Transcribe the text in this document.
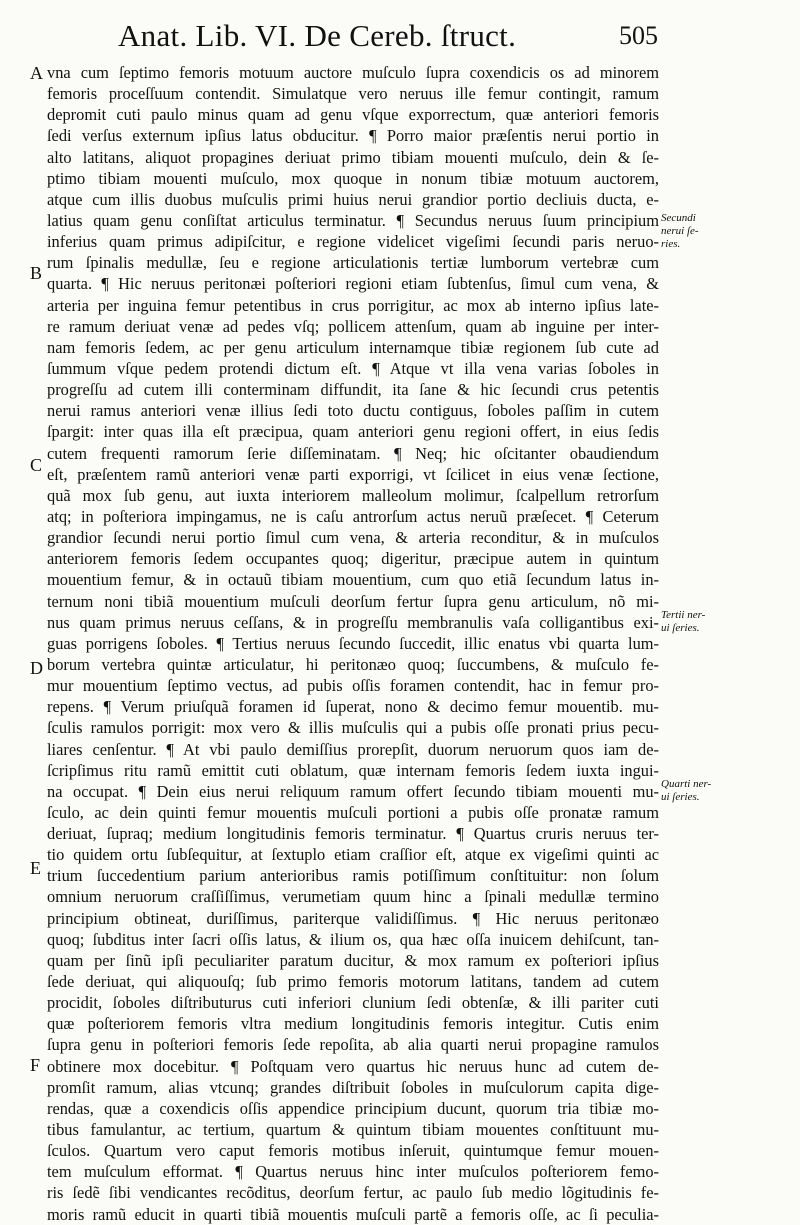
Anat. Lib. VI. De Cereb. ſtruct.	505
A
B
C
D
E
F
Secundi
nerui ſe-
ries.
Tertii ner-
ui ſeries.
Quarti ner-
ui ſeries.
vna cum ſeptimo femoris motuum auctore muſculo ſupra coxendicis os ad minorem
femoris proceſſuum contendit. Simulatque vero neruus ille femur contingit, ramum
depromit cuti paulo minus quam ad genu vſque exporrectum, quæ anteriori femoris
ſedi verſus externum ipſius latus obducitur. ¶ Porro maior præſentis nerui portio in
alto latitans, aliquot propagines deriuat primo tibiam mouenti muſculo, dein & ſe-
ptimo tibiam mouenti muſculo, mox quoque in nonum tibiæ motuum auctorem,
atque cum illis duobus muſculis primi huius nerui grandior portio decliuis ducta, e-
latius quam genu conſiſtat articulus terminatur. ¶ Secundus neruus ſuum principium
inferius quam primus adipiſcitur, e regione videlicet vigeſimi ſecundi paris neruo-
rum ſpinalis medullæ, ſeu e regione articulationis tertiæ lumborum vertebræ cum
quarta. ¶ Hic neruus peritonæi poſteriori regioni etiam ſubtenſus, ſimul cum vena, &
arteria per inguina femur petentibus in crus porrigitur, ac mox ab interno ipſius late-
re ramum deriuat venæ ad pedes vſq; pollicem attenſum, quam ab inguine per inter-
nam femoris ſedem, ac per genu articulum internamque tibiæ regionem ſub cute ad
ſummum vſque pedem protendi dictum eſt. ¶ Atque vt illa vena varias ſoboles in
progreſſu ad cutem illi conterminam diffundit, ita ſane & hic ſecundi crus petentis
nerui ramus anteriori venæ illius ſedi toto ductu contiguus, ſoboles paſſim in cutem
ſpargit: inter quas illa eſt præcipua, quam anteriori genu regioni offert, in eius ſedis
cutem frequenti ramorum ſerie diſſeminatam. ¶ Neq; hic oſcitanter obaudiendum
eſt, præſentem ramũ anteriori venæ parti exporrigi, vt ſcilicet in eius venæ ſectione,
quã mox ſub genu, aut iuxta interiorem malleolum molimur, ſcalpellum retrorſum
atq; in poſteriora impingamus, ne is caſu antrorſum actus neruũ præſecet. ¶ Ceterum
grandior ſecundi nerui portio ſimul cum vena, & arteria reconditur, & in muſculos
anteriorem femoris ſedem occupantes quoq; digeritur, præcipue autem in quintum
mouentium femur, & in octauũ tibiam mouentium, cum quo etiã ſecundum latus in-
ternum noni tibiã mouentium muſculi deorſum fertur ſupra genu articulum, nõ mi-
nus quam primus neruus ceſſans, & in progreſſu membranulis vaſa colligantibus exi-
guas porrigens ſoboles. ¶ Tertius neruus ſecundo ſuccedit, illic enatus vbi quarta lum-
borum vertebra quintæ articulatur, hi peritonæo quoq; ſuccumbens, & muſculo fe-
mur mouentium ſeptimo vectus, ad pubis oſſis foramen contendit, hac in femur pro-
repens. ¶ Verum priuſquã foramen id ſuperat, nono & decimo femur mouentib. mu-
ſculis ramulos porrigit: mox vero & illis muſculis qui a pubis oſſe pronati prius pecu-
liares cenſentur. ¶ At vbi paulo demiſſius prorepſit, duorum neruorum quos iam de-
ſcripſimus ritu ramũ emittit cuti oblatum, quæ internam femoris ſedem iuxta ingui-
na occupat. ¶ Dein eius nerui reliquum ramum offert ſecundo tibiam mouenti mu-
ſculo, ac dein quinti femur mouentis muſculi portioni a pubis oſſe pronatæ ramum
deriuat, ſupraq; medium longitudinis femoris terminatur. ¶ Quartus cruris neruus ter-
tio quidem ortu ſubſequitur, at ſextuplo etiam craſſior eſt, atque ex vigeſimi quinti ac
trium ſuccedentium parium anterioribus ramis potiſſimum conſtituitur: non ſolum
omnium neruorum craſſiſſimus, verumetiam quum hinc a ſpinali medullæ termino
principium obtineat, duriſſimus, pariterque validiſſimus. ¶ Hic neruus peritonæo
quoq; ſubditus inter ſacri oſſis latus, & ilium os, qua hæc oſſa inuicem dehiſcunt, tan-
quam per ſinũ ipſi peculiariter paratum ducitur, & mox ramum ex poſteriori ipſius
ſede deriuat, qui aliquouſq; ſub primo femoris motorum latitans, tandem ad cutem
procidit, ſoboles diſtributurus cuti inferiori clunium ſedi obtenſæ, & illi pariter cuti
quæ poſteriorem femoris vltra medium longitudinis femoris integitur. Cutis enim
ſupra genu in poſteriori femoris ſede repoſita, ab alia quarti nerui propagine ramulos
obtinere mox docebitur. ¶ Poſtquam vero quartus hic neruus hunc ad cutem de-
promſit ramum, alias vtcunq; grandes diſtribuit ſoboles in muſculorum capita dige-
rendas, quæ a coxendicis oſſis appendice principium ducunt, quorum tria tibiæ mo-
tibus famulantur, ac tertium, quartum & quintum tibiam mouentes conſtituunt mu-
ſculos. Quartum vero caput femoris motibus inſeruit, quintumque femur mouen-
tem muſculum efformat. ¶ Quartus neruus hinc inter muſculos poſteriorem femo-
ris ſedẽ ſibi vendicantes recõditus, deorſum fertur, ac paulo ſub medio lõgitudinis fe-
moris ramũ educit in quarti tibiã mouentis muſculi partẽ a femoris oſſe, ac ſi peculia-
